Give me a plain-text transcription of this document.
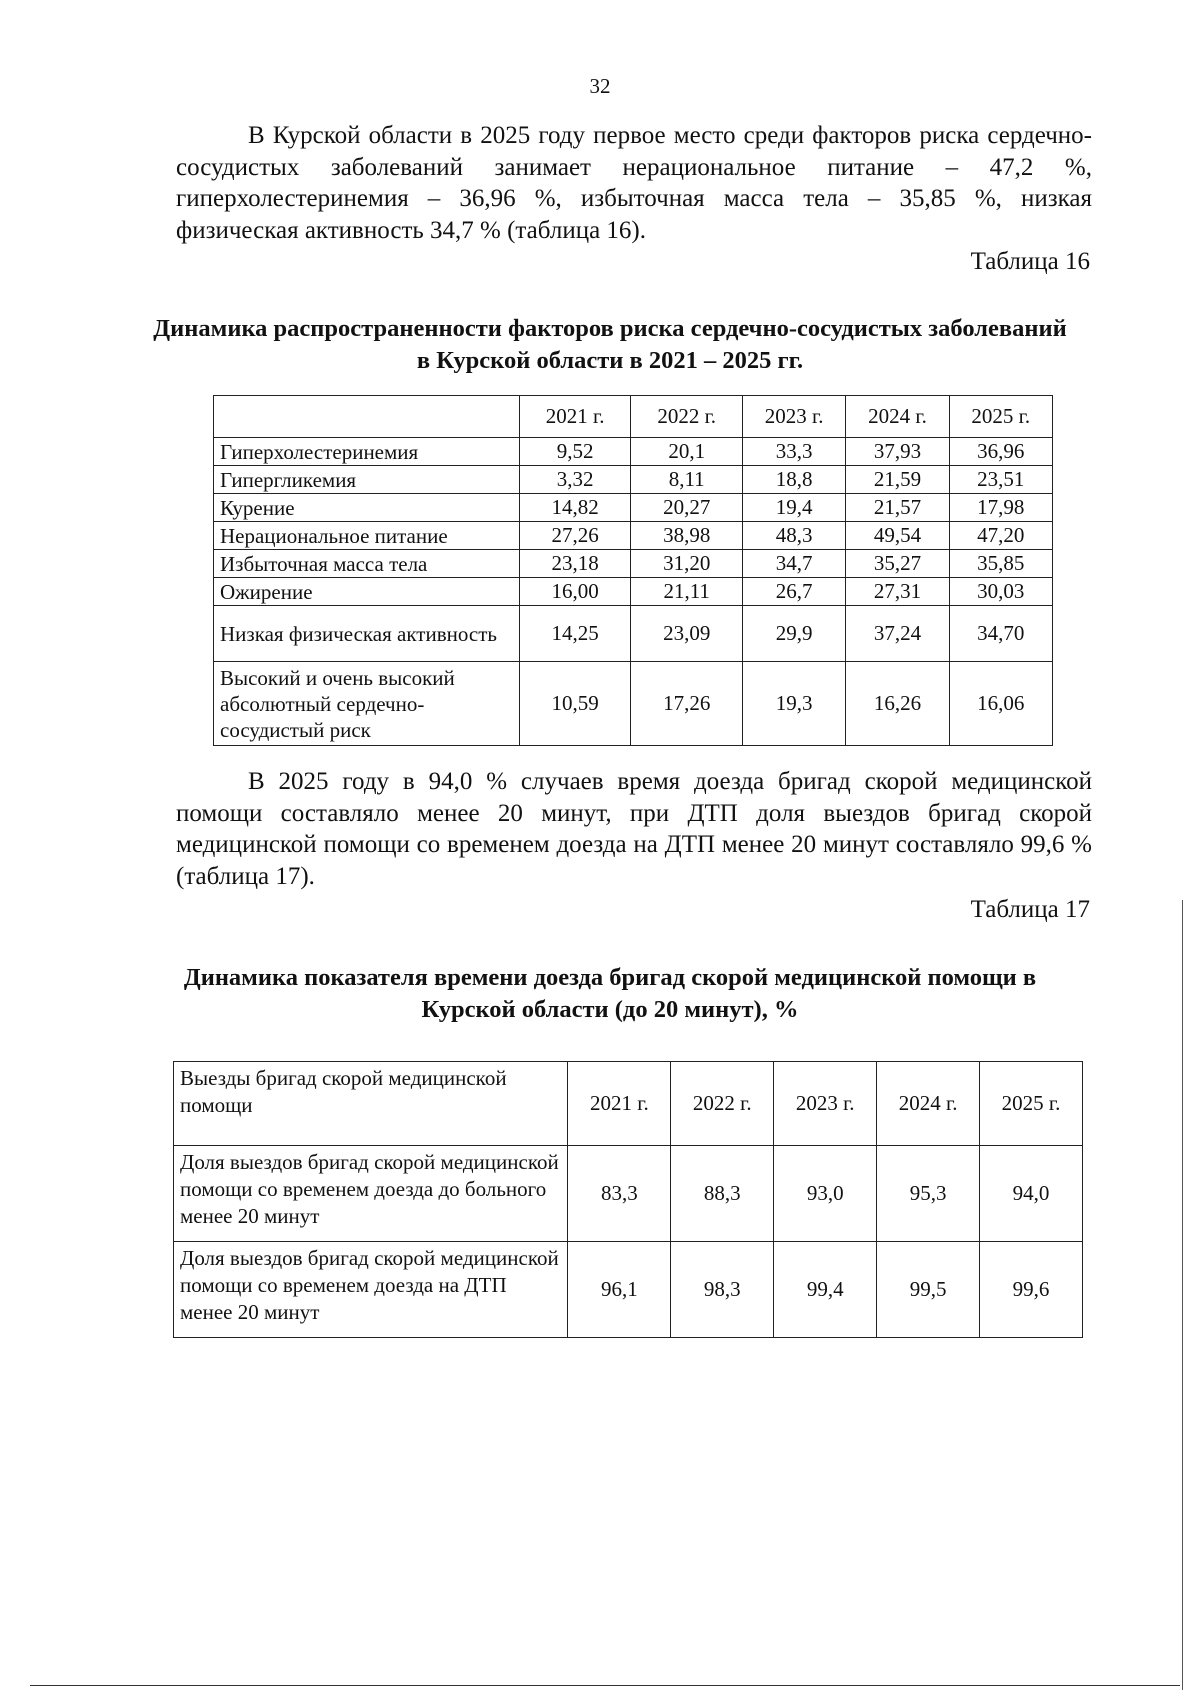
32

В Курской области в 2025 году первое место среди факторов риска сердечно-сосудистых заболеваний занимает нерациональное питание – 47,2 %, гиперхолестеринемия – 36,96 %, избыточная масса тела – 35,85 %, низкая физическая активность 34,7 % (таблица 16).

Таблица 16
Динамика распространенности факторов риска сердечно-сосудистых заболеваний в Курской области в 2021 – 2025 гг.
	2021 г.	2022 г.	2023 г.	2024 г.	2025 г.
Гиперхолестеринемия	9,52	20,1	33,3	37,93	36,96
Гипергликемия	3,32	8,11	18,8	21,59	23,51
Курение	14,82	20,27	19,4	21,57	17,98
Нерациональное питание	27,26	38,98	48,3	49,54	47,20
Избыточная масса тела	23,18	31,20	34,7	35,27	35,85
Ожирение	16,00	21,11	26,7	27,31	30,03
Низкая физическая активность	14,25	23,09	29,9	37,24	34,70
Высокий и очень высокий абсолютный сердечно-сосудистый риск	10,59	17,26	19,3	16,26	16,06

В 2025 году в 94,0 % случаев время доезда бригад скорой медицинской помощи составляло менее 20 минут, при ДТП доля выездов бригад скорой медицинской помощи со временем доезда на ДТП менее 20 минут составляло 99,6 % (таблица 17).

Таблица 17
Динамика показателя времени доезда бригад скорой медицинской помощи в Курской области (до 20 минут), %
Выезды бригад скорой медицинской помощи	2021 г.	2022 г.	2023 г.	2024 г.	2025 г.
Доля выездов бригад скорой медицинской помощи со временем доезда до больного менее 20 минут	83,3	88,3	93,0	95,3	94,0
Доля выездов бригад скорой медицинской помощи со временем доезда на ДТП менее 20 минут	96,1	98,3	99,4	99,5	99,6
